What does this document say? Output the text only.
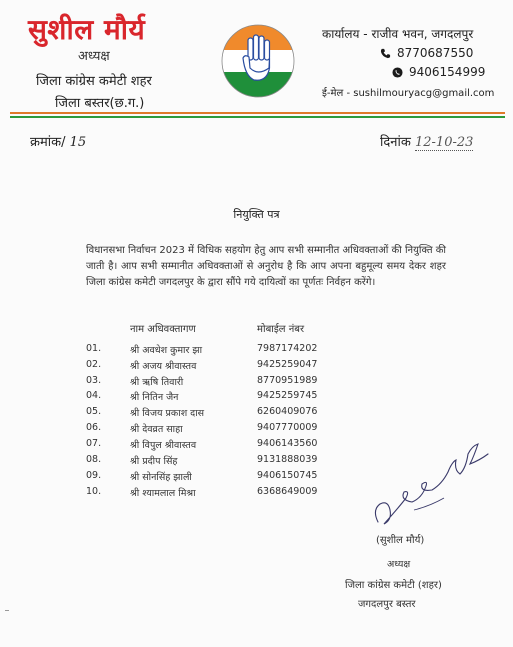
सुशील मौर्य
अध्यक्ष
जिला कांग्रेस कमेटी शहर
जिला बस्तर(छ.ग.)
कार्यालय - राजीव भवन, जगदलपुर
8770687550
9406154999
ई-मेल - sushilmouryacg@gmail.com
क्रमांक/ 15	दिनांक 12-10-23
नियुक्ति पत्र
विधानसभा निर्वाचन 2023 में विधिक सहयोग हेतु आप सभी सम्मानीत अधिवक्ताओं की नियुक्ति की जाती है। आप सभी सम्मानीत अधिवक्ताओं से अनुरोध है कि आप अपना बहुमूल्य समय देकर शहर जिला कांग्रेस कमेटी जगदलपुर के द्वारा सौंपे गये दायित्वों का पूर्णतः निर्वहन करेंगे।
नाम अधिवक्तागण	मोबाईल नंबर
01.	श्री अवधेश कुमार झा	7987174202
02.	श्री अजय श्रीवास्तव	9425259047
03.	श्री ऋषि तिवारी	8770951989
04.	श्री नितिन जैन	9425259745
05.	श्री विजय प्रकाश दास	6260409076
06.	श्री देवव्रत साहा	9407770009
07.	श्री विपुल श्रीवास्तव	9406143560
08.	श्री प्रदीप सिंह	9131888039
09.	श्री सोनसिंह झाली	9406150745
10.	श्री श्यामलाल मिश्रा	6368649009
(सुशील मौर्य)
अध्यक्ष
जिला कांग्रेस कमेटी (शहर)
जगदलपुर बस्तर
